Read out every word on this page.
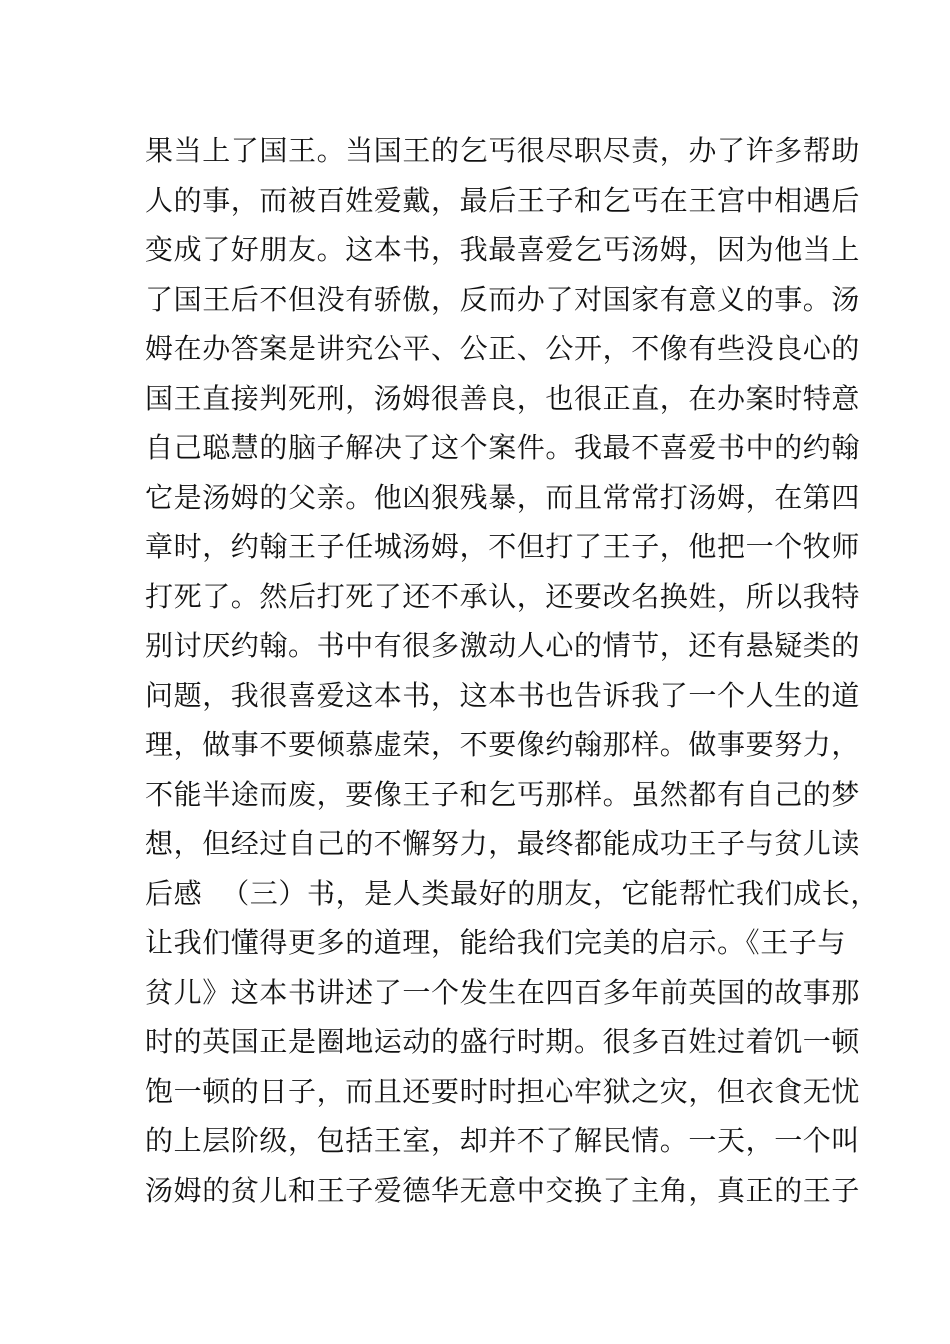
果当上了国王。当国王的乞丐很尽职尽责，办了许多帮助
人的事，而被百姓爱戴，最后王子和乞丐在王宫中相遇后
变成了好朋友。这本书，我最喜爱乞丐汤姆，因为他当上
了国王后不但没有骄傲，反而办了对国家有意义的事。汤
姆在办答案是讲究公平、公正、公开，不像有些没良心的
国王直接判死刑，汤姆很善良，也很正直，在办案时特意
自己聪慧的脑子解决了这个案件。我最不喜爱书中的约翰
它是汤姆的父亲。他凶狠残暴，而且常常打汤姆，在第四
章时，约翰王子任城汤姆，不但打了王子，他把一个牧师
打死了。然后打死了还不承认，还要改名换姓，所以我特
别讨厌约翰。书中有很多激动人心的情节，还有悬疑类的
问题，我很喜爱这本书，这本书也告诉我了一个人生的道
理，做事不要倾慕虚荣，不要像约翰那样。做事要努力，
不能半途而废，要像王子和乞丐那样。虽然都有自己的梦
想，但经过自己的不懈努力，最终都能成功王子与贫儿读
后感  （三）书，是人类最好的朋友，它能帮忙我们成长，
让我们懂得更多的道理，能给我们完美的启示。《王子与
贫儿》这本书讲述了一个发生在四百多年前英国的故事那
时的英国正是圈地运动的盛行时期。很多百姓过着饥一顿
饱一顿的日子，而且还要时时担心牢狱之灾，但衣食无忧
的上层阶级，包括王室，却并不了解民情。一天，一个叫
汤姆的贫儿和王子爱德华无意中交换了主角，真正的王子
